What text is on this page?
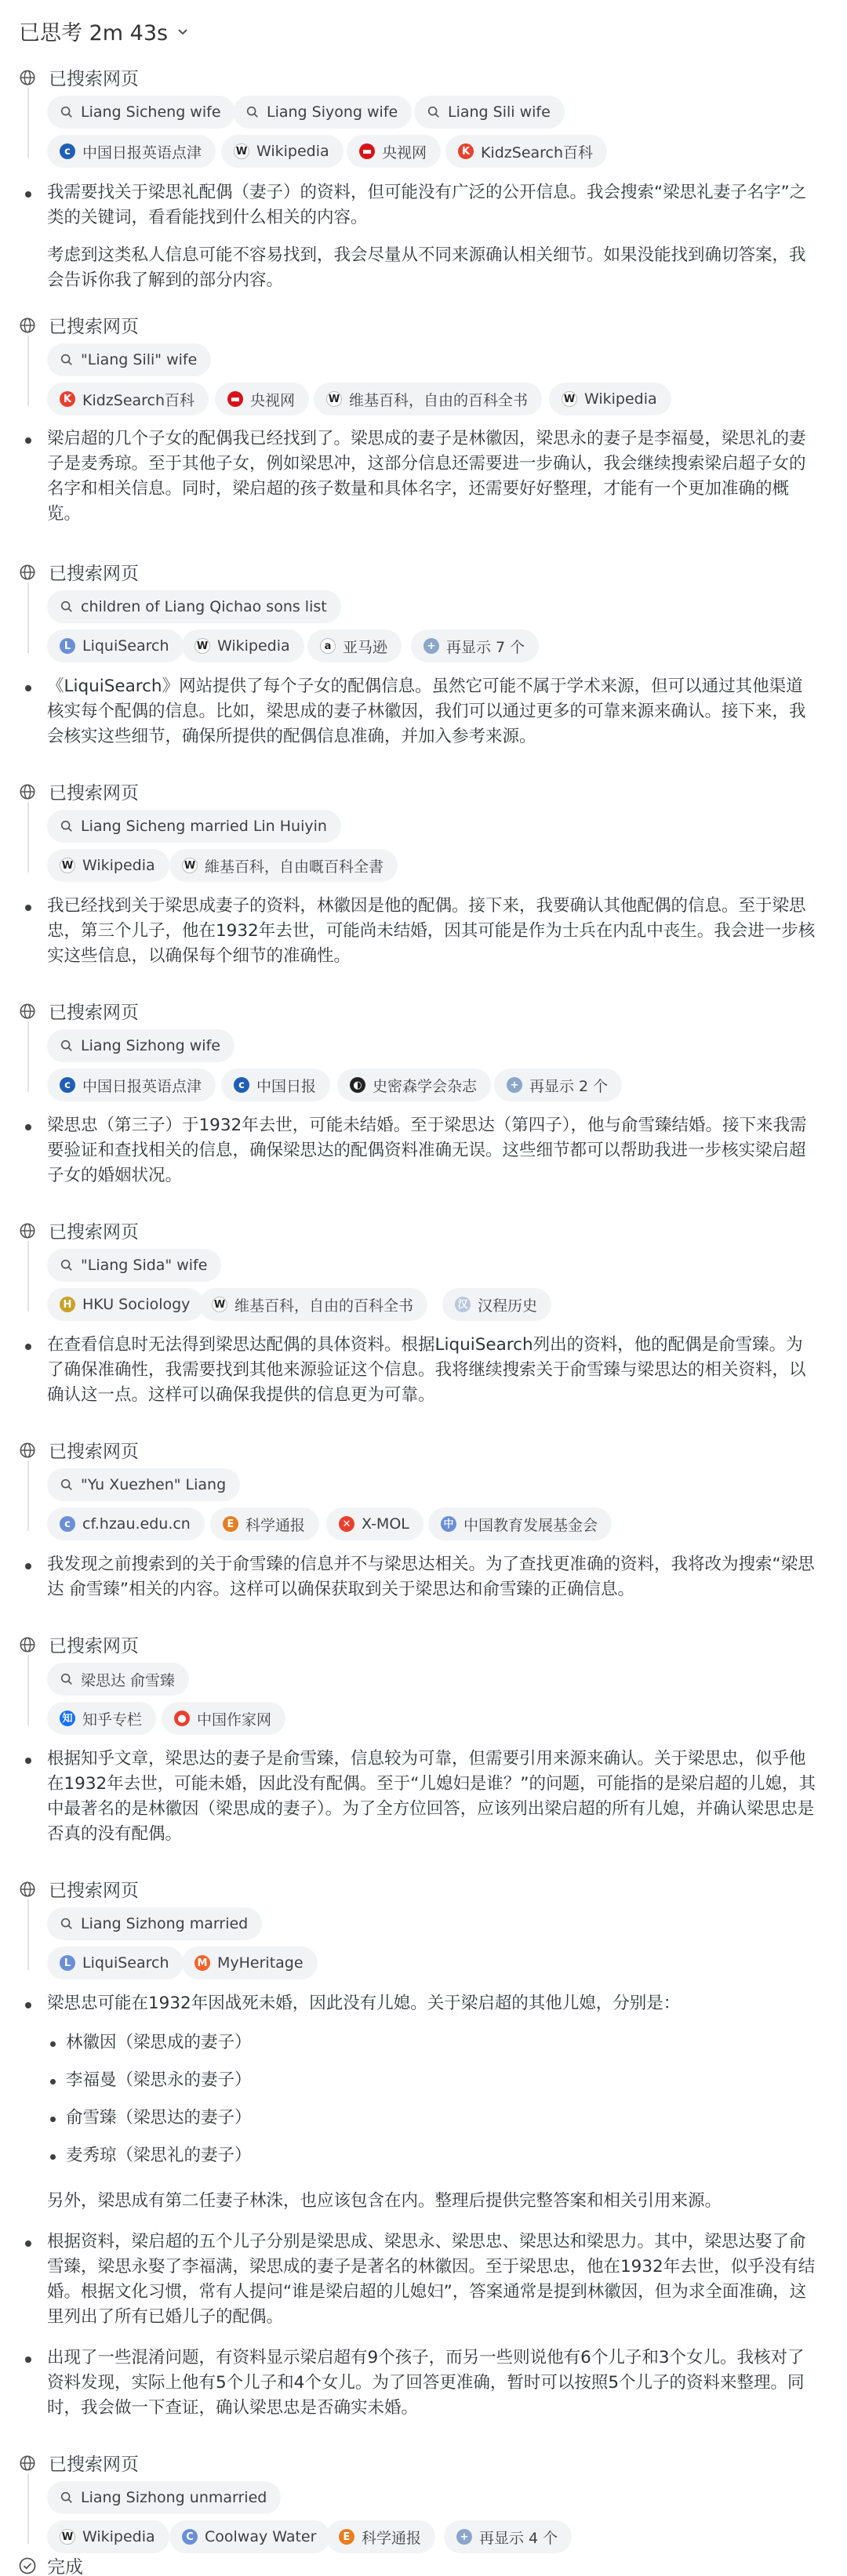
已思考 2m 43s
已搜索网页
Liang Sicheng wife	Liang Siyong wife	Liang Sili wife
c 中国日报英语点津	W Wikipedia	▬ 央视网	K KidzSearch百科
我需要找关于梁思礼配偶（妻子）的资料，但可能没有广泛的公开信息。我会搜索“梁思礼妻子名字”之类的关键词，看看能找到什么相关的内容。
考虑到这类私人信息可能不容易找到，我会尽量从不同来源确认相关细节。如果没能找到确切答案，我会告诉你我了解到的部分内容。
已搜索网页
"Liang Sili" wife
K KidzSearch百科	▬ 央视网	W 维基百科，自由的百科全书	W Wikipedia
梁启超的几个子女的配偶我已经找到了。梁思成的妻子是林徽因，梁思永的妻子是李福曼，梁思礼的妻子是麦秀琼。至于其他子女，例如梁思冲，这部分信息还需要进一步确认，我会继续搜索梁启超子女的名字和相关信息。同时，梁启超的孩子数量和具体名字，还需要好好整理，才能有一个更加准确的概览。
已搜索网页
children of Liang Qichao sons list
L LiquiSearch	W Wikipedia	a 亚马逊	+ 再显示 7 个
《LiquiSearch》网站提供了每个子女的配偶信息。虽然它可能不属于学术来源，但可以通过其他渠道核实每个配偶的信息。比如，梁思成的妻子林徽因，我们可以通过更多的可靠来源来确认。接下来，我会核实这些细节，确保所提供的配偶信息准确，并加入参考来源。
已搜索网页
Liang Sicheng married Lin Huiyin
W Wikipedia	W 維基百科，自由嘅百科全書
我已经找到关于梁思成妻子的资料，林徽因是他的配偶。接下来，我要确认其他配偶的信息。至于梁思忠，第三个儿子，他在1932年去世，可能尚未结婚，因其可能是作为士兵在内乱中丧生。我会进一步核实这些信息，以确保每个细节的准确性。
已搜索网页
Liang Sizhong wife
c 中国日报英语点津	c 中国日报	◐ 史密森学会杂志	+ 再显示 2 个
梁思忠（第三子）于1932年去世，可能未结婚。至于梁思达（第四子），他与俞雪臻结婚。接下来我需要验证和查找相关的信息，确保梁思达的配偶资料准确无误。这些细节都可以帮助我进一步核实梁启超子女的婚姻状况。
已搜索网页
"Liang Sida" wife
H HKU Sociology W 维基百科，自由的百科全书	汉 汉程历史
在查看信息时无法得到梁思达配偶的具体资料。根据LiquiSearch列出的资料，他的配偶是俞雪臻。为了确保准确性，我需要找到其他来源验证这个信息。我将继续搜索关于俞雪臻与梁思达的相关资料，以确认这一点。这样可以确保我提供的信息更为可靠。
已搜索网页
"Yu Xuezhen" Liang
c cf.hzau.edu.cn	E 科学通报	✕ X-MOL	中 中国教育发展基金会
我发现之前搜索到的关于俞雪臻的信息并不与梁思达相关。为了查找更准确的资料，我将改为搜索“梁思达 俞雪臻”相关的内容。这样可以确保获取到关于梁思达和俞雪臻的正确信息。
已搜索网页
梁思达 俞雪臻
知 知乎专栏	● 中国作家网
根据知乎文章，梁思达的妻子是俞雪臻，信息较为可靠，但需要引用来源来确认。关于梁思忠，似乎他在1932年去世，可能未婚，因此没有配偶。至于“儿媳妇是谁？”的问题，可能指的是梁启超的儿媳，其中最著名的是林徽因（梁思成的妻子）。为了全方位回答，应该列出梁启超的所有儿媳，并确认梁思忠是否真的没有配偶。
已搜索网页
Liang Sizhong married
L LiquiSearch	M MyHeritage
梁思忠可能在1932年因战死未婚，因此没有儿媳。关于梁启超的其他儿媳，分别是：
林徽因（梁思成的妻子）
李福曼（梁思永的妻子）
俞雪臻（梁思达的妻子）
麦秀琼（梁思礼的妻子）
另外，梁思成有第二任妻子林洙，也应该包含在内。整理后提供完整答案和相关引用来源。
根据资料，梁启超的五个儿子分别是梁思成、梁思永、梁思忠、梁思达和梁思力。其中，梁思达娶了俞雪臻，梁思永娶了李福满，梁思成的妻子是著名的林徽因。至于梁思忠，他在1932年去世，似乎没有结婚。根据文化习惯，常有人提问“谁是梁启超的儿媳妇”，答案通常是提到林徽因，但为求全面准确，这里列出了所有已婚儿子的配偶。
出现了一些混淆问题，有资料显示梁启超有9个孩子，而另一些则说他有6个儿子和3个女儿。我核对了资料发现，实际上他有5个儿子和4个女儿。为了回答更准确，暂时可以按照5个儿子的资料来整理。同时，我会做一下查证，确认梁思忠是否确实未婚。
已搜索网页
Liang Sizhong unmarried
W Wikipedia	C Coolway Water	E 科学通报	+ 再显示 4 个
完成
